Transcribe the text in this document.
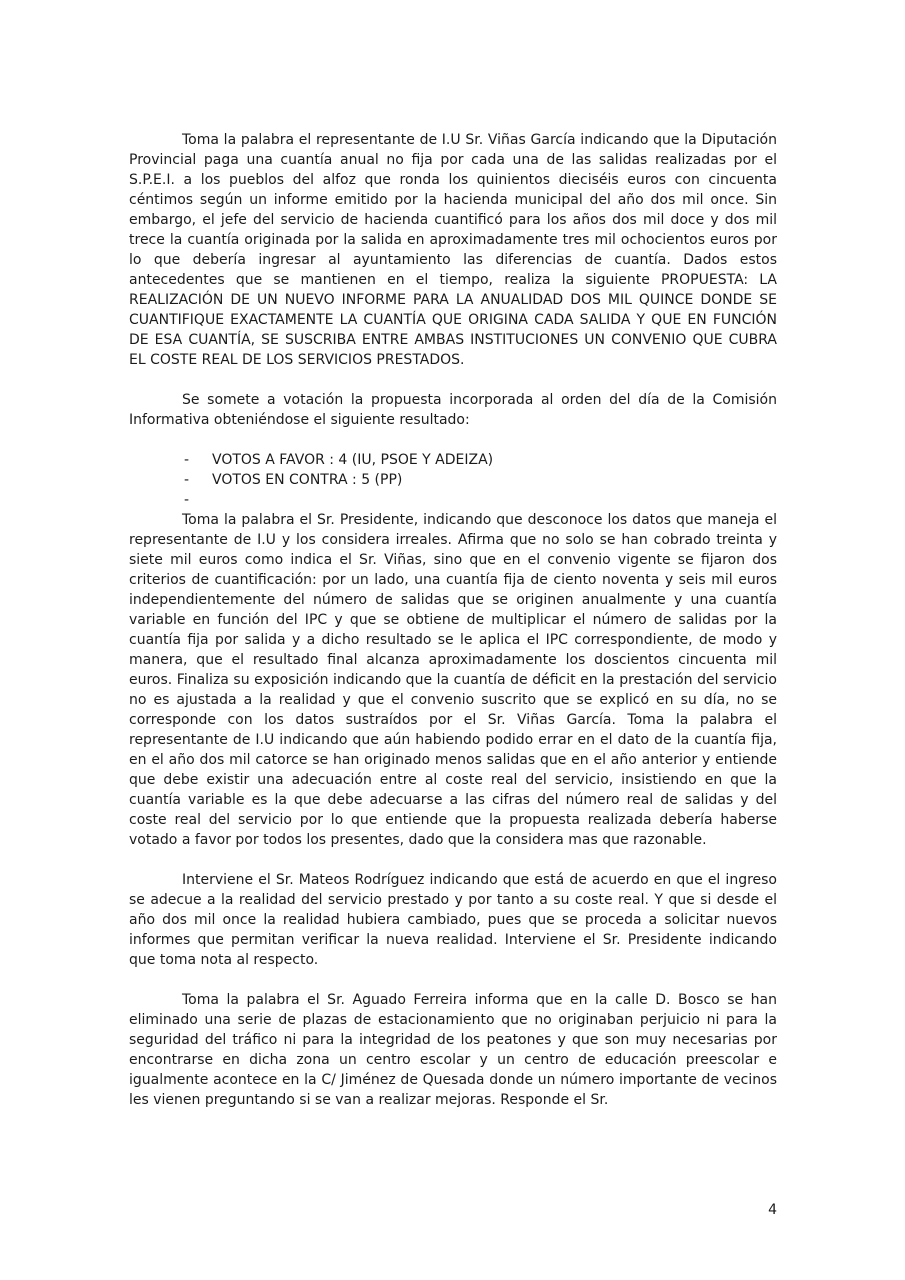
Toma la palabra el representante de I.U Sr. Viñas García indicando que la Diputación Provincial paga una cuantía anual no fija por cada una de las salidas realizadas por el S.P.E.I. a los pueblos del alfoz que ronda los quinientos dieciséis euros con cincuenta céntimos según un informe emitido por la hacienda municipal del año dos mil once. Sin embargo, el jefe del servicio de hacienda cuantificó para los años dos mil doce y dos mil trece la cuantía originada por la salida en aproximadamente tres mil ochocientos euros por lo que debería ingresar al ayuntamiento las diferencias de cuantía. Dados estos antecedentes que se mantienen en el tiempo, realiza la siguiente PROPUESTA: LA REALIZACIÓN DE UN NUEVO INFORME PARA LA ANUALIDAD DOS MIL QUINCE DONDE SE CUANTIFIQUE EXACTAMENTE LA CUANTÍA QUE ORIGINA CADA SALIDA Y QUE EN FUNCIÓN DE ESA CUANTÍA, SE SUSCRIBA ENTRE AMBAS INSTITUCIONES UN CONVENIO QUE CUBRA EL COSTE REAL DE LOS SERVICIOS PRESTADOS.

Se somete a votación la propuesta incorporada al orden del día de la Comisión Informativa obteniéndose el siguiente resultado:

-	VOTOS A FAVOR : 4 (IU, PSOE Y ADEIZA)
-	VOTOS EN CONTRA : 5 (PP)
-

Toma la palabra el Sr. Presidente, indicando que desconoce los datos que maneja el representante de I.U y los considera irreales. Afirma que no solo se han cobrado treinta y siete mil euros como indica el Sr. Viñas, sino que en el convenio vigente se fijaron dos criterios de cuantificación: por un lado, una cuantía fija de ciento noventa y seis mil euros independientemente del número de salidas que se originen anualmente y una cuantía variable en función del IPC y que se obtiene de multiplicar el número de salidas por la cuantía fija por salida y a dicho resultado se le aplica el IPC correspondiente, de modo y manera, que el resultado final alcanza aproximadamente los doscientos cincuenta mil euros. Finaliza su exposición indicando que la cuantía de déficit en la prestación del servicio no es ajustada a la realidad y que el convenio suscrito que se explicó en su día, no se corresponde con los datos sustraídos por el Sr. Viñas García. Toma la palabra el representante de I.U indicando que aún habiendo podido errar en el dato de la cuantía fija, en el año dos mil catorce se han originado menos salidas que en el año anterior y entiende que debe existir una adecuación entre al coste real del servicio, insistiendo en que la cuantía variable es la que debe adecuarse a las cifras del número real de salidas y del coste real del servicio por lo que entiende que la propuesta realizada debería haberse votado a favor por todos los presentes, dado que la considera mas que razonable.

Interviene el Sr. Mateos Rodríguez indicando que está de acuerdo en que el ingreso se adecue a la realidad del servicio prestado y por tanto a su coste real. Y que si desde el año dos mil once la realidad hubiera cambiado, pues que se proceda a solicitar nuevos informes que permitan verificar la nueva realidad. Interviene el Sr. Presidente indicando que toma nota al respecto.

Toma la palabra el Sr. Aguado Ferreira informa que en la calle D. Bosco se han eliminado una serie de plazas de estacionamiento que no originaban perjuicio ni para la seguridad del tráfico ni para la integridad de los peatones y que son muy necesarias por encontrarse en dicha zona un centro escolar y un centro de educación preescolar e igualmente acontece en la C/ Jiménez de Quesada donde un número importante de vecinos les vienen preguntando si se van a realizar mejoras. Responde el Sr.

4
